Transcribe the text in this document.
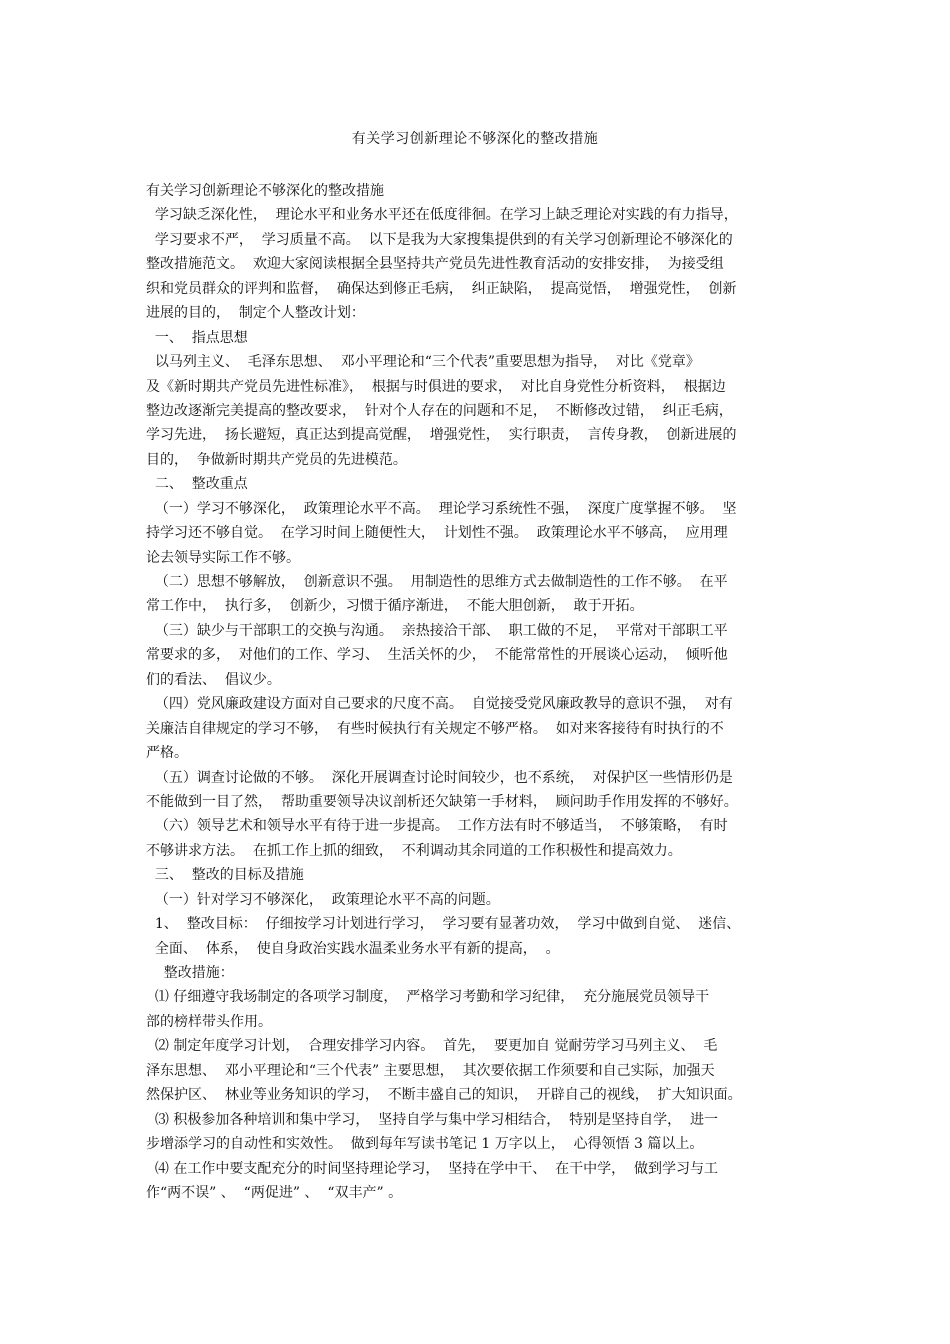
有关学习创新理论不够深化的整改措施
有关学习创新理论不够深化的整改措施
学习缺乏深化性，  理论水平和业务水平还在低度徘徊。在学习上缺乏理论对实践的有力指导，
学习要求不严，  学习质量不高。  以下是我为大家搜集提供到的有关学习创新理论不够深化的
整改措施范文。  欢迎大家阅读根据全县坚持共产党员先进性教育活动的安排安排，  为接受组
织和党员群众的评判和监督，  确保达到修正毛病，  纠正缺陷，  提高觉悟，  增强党性，  创新
进展的目的，  制定个人整改计划：
一、  指点思想
以马列主义、  毛泽东思想、  邓小平理论和“三个代表”重要思想为指导，  对比《党章》
及《新时期共产党员先进性标准》，  根据与时俱进的要求，  对比自身党性分析资料，  根据边
整边改逐渐完美提高的整改要求，  针对个人存在的问题和不足，  不断修改过错，  纠正毛病，
学习先进，  扬长避短，真正达到提高觉醒，  增强党性，  实行职责，  言传身教，  创新进展的
目的，  争做新时期共产党员的先进模范。
二、  整改重点
（一）学习不够深化，  政策理论水平不高。  理论学习系统性不强，  深度广度掌握不够。  坚
持学习还不够自觉。  在学习时间上随便性大，  计划性不强。  政策理论水平不够高，  应用理
论去领导实际工作不够。
（二）思想不够解放，  创新意识不强。  用制造性的思维方式去做制造性的工作不够。  在平
常工作中，  执行多，  创新少，习惯于循序渐进，  不能大胆创新，  敢于开拓。
（三）缺少与干部职工的交换与沟通。  亲热接洽干部、  职工做的不足，  平常对干部职工平
常要求的多，  对他们的工作、学习、  生活关怀的少，  不能常常性的开展谈心运动，  倾听他
们的看法、  倡议少。
（四）党风廉政建设方面对自己要求的尺度不高。  自觉接受党风廉政教导的意识不强，  对有
关廉洁自律规定的学习不够，  有些时候执行有关规定不够严格。  如对来客接待有时执行的不
严格。
（五）调查讨论做的不够。  深化开展调查讨论时间较少，也不系统，  对保护区一些情形仍是
不能做到一目了然，  帮助重要领导决议剖析还欠缺第一手材料，  顾问助手作用发挥的不够好。
（六）领导艺术和领导水平有待于进一步提高。  工作方法有时不够适当，  不够策略，  有时
不够讲求方法。  在抓工作上抓的细致，  不利调动其余同道的工作积极性和提高效力。
三、  整改的目标及措施
（一）针对学习不够深化，  政策理论水平不高的问题。
1、  整改目标：  仔细按学习计划进行学习，  学习要有显著功效，  学习中做到自觉、  迷信、
全面、  体系，  使自身政治实践水温柔业务水平有新的提高，  。
整改措施：
⑴ 仔细遵守我场制定的各项学习制度，  严格学习考勤和学习纪律，  充分施展党员领导干
部的榜样带头作用。
⑵ 制定年度学习计划，  合理安排学习内容。  首先，  要更加自 觉耐劳学习马列主义、  毛
泽东思想、  邓小平理论和“三个代表” 主要思想，  其次要依据工作须要和自己实际，加强天
然保护区、  林业等业务知识的学习，  不断丰盛自己的知识，  开辟自己的视线，  扩大知识面。
⑶ 积极参加各种培训和集中学习，  坚持自学与集中学习相结合，  特别是坚持自学，  进一
步增添学习的自动性和实效性。  做到每年写读书笔记 1 万字以上，  心得领悟 3 篇以上。
⑷ 在工作中要支配充分的时间坚持理论学习，  坚持在学中干、  在干中学，  做到学习与工
作“两不误” 、  “两促进” 、  “双丰产” 。
